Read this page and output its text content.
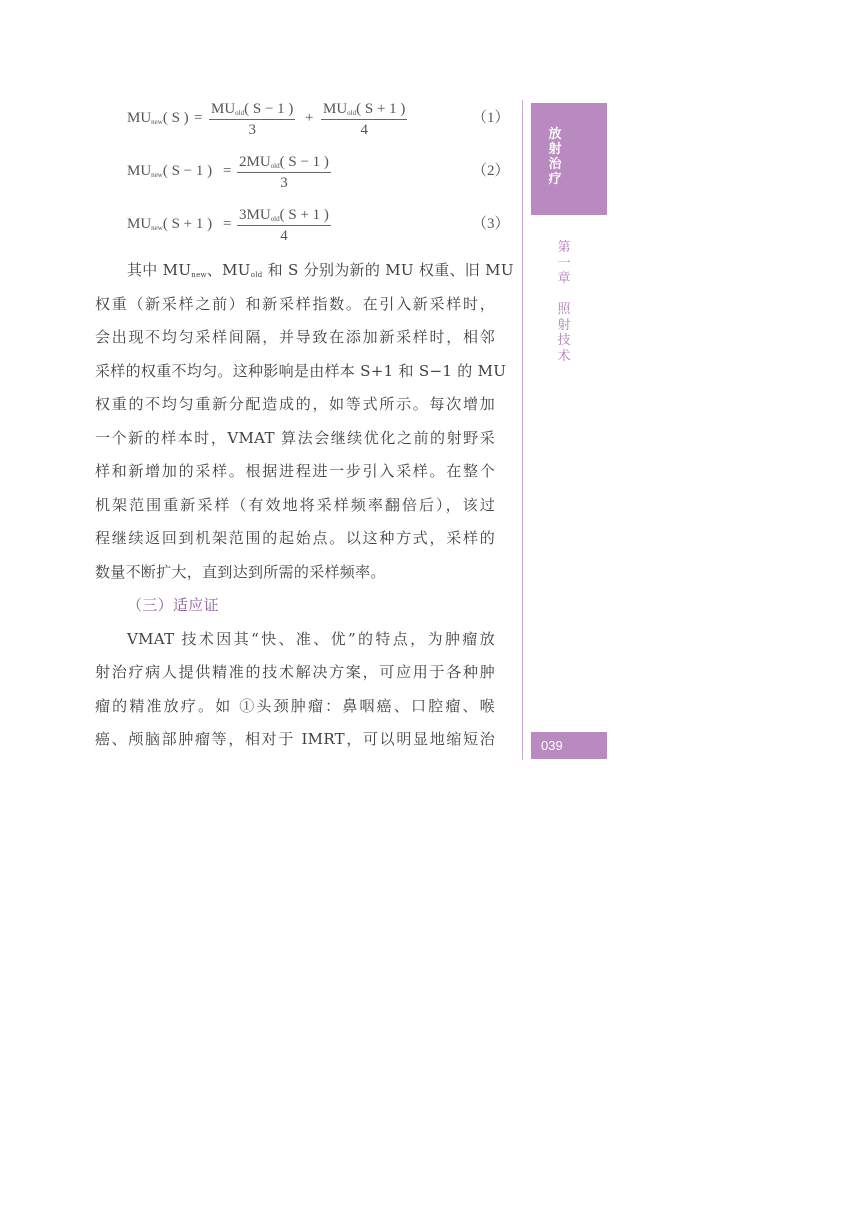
$MU_{new}$( S ) =
$MU_{old}$( S − 1 )
3
+
$MU_{old}$( S + 1 )
4
（1）
$MU_{new}$( S − 1 ) =
$2MU_{old}$( S − 1 )
3
（2）
$MU_{new}$( S + 1 ) =
$3MU_{old}$( S + 1 )
4
（3）
其中 $MU_{new}$、$MU_{old}$ 和 S 分别为新的 MU 权重、旧 MU
权重（新采样之前）和新采样指数。在引入新采样时，
会出现不均匀采样间隔，并导致在添加新采样时，相邻
采样的权重不均匀。这种影响是由样本 S+1 和 S−1 的 MU
权重的不均匀重新分配造成的，如等式所示。每次增加
一个新的样本时，VMAT 算法会继续优化之前的射野采
样和新增加的采样。根据进程进一步引入采样。在整个
机架范围重新采样（有效地将采样频率翻倍后），该过
程继续返回到机架范围的起始点。以这种方式，采样的
数量不断扩大，直到达到所需的采样频率。
（三）适应证
VMAT 技术因其“快、准、优”的特点，为肿瘤放
射治疗病人提供精准的技术解决方案，可应用于各种肿
瘤的精准放疗。如 ①头颈肿瘤：鼻咽癌、口腔瘤、喉
癌、颅脑部肿瘤等，相对于 IMRT，可以明显地缩短治
放
射
治
疗
第
一
章
照
射
技
术
039
